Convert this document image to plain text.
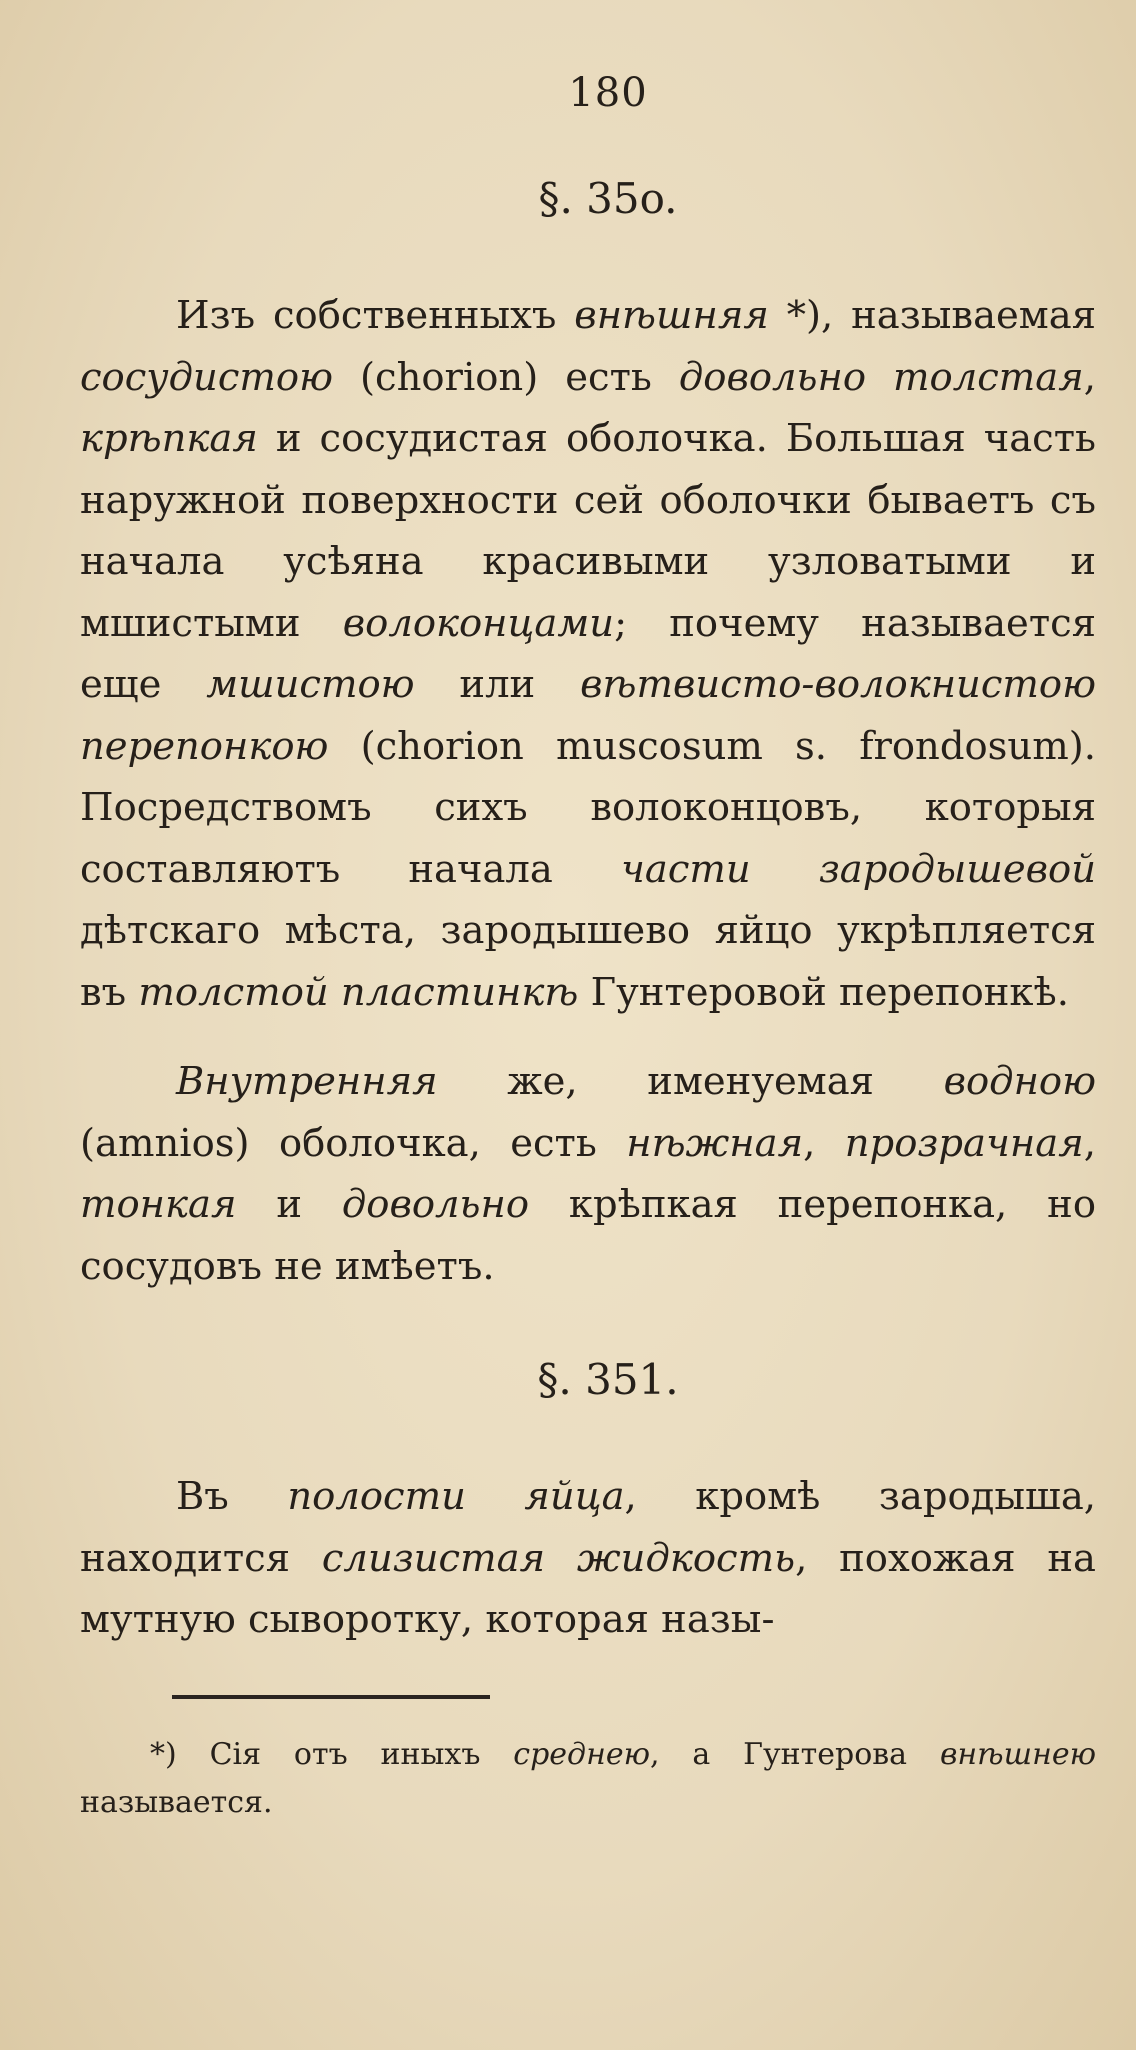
180
§. 35o.

Изъ собственныхъ внѣшняя *), называемая сосудистою (chorion) есть довольно толстая, крѣпкая и сосудистая оболочка. Большая часть наружной поверхности сей оболочки бываетъ съ начала усѣяна красивыми узловатыми и мшистыми волоконцами; почему называется еще мшистою или вѣтвисто-волокнистою перепонкою (chorion muscosum s. frondosum). Посредствомъ сихъ волоконцовъ, которыя составляютъ начала части зародышевой дѣтскаго мѣста, зародышево яйцо укрѣпляется въ толстой пластинкѣ Гунтеровой перепонкѣ.

Внутренняя же, именуемая водною (amnios) оболочка, есть нѣжная, прозрачная, тонкая и довольно крѣпкая перепонка, но сосудовъ не имѣетъ.

§. 351.

Въ полости яйца, кромѣ зародыша, находится слизистая жидкость, похожая на мутную сыворотку, которая назы-

*) Сія отъ иныхъ среднею, а Гунтерова внѣшнею называется.
